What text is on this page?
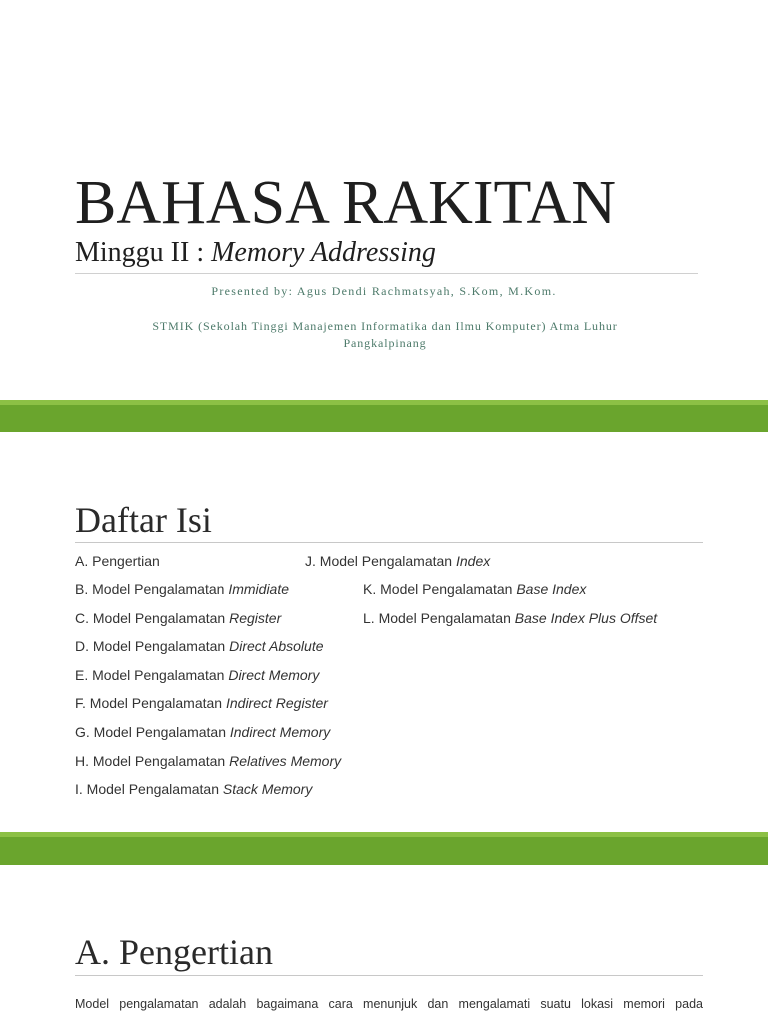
BAHASA RAKITAN
Minggu II : Memory Addressing
Presented by: Agus Dendi Rachmatsyah, S.Kom, M.Kom.
STMIK (Sekolah Tinggi Manajemen Informatika dan Ilmu Komputer) Atma Luhur
Pangkalpinang
Daftar Isi
A. Pengertian
B. Model Pengalamatan Immidiate
C. Model Pengalamatan Register
D. Model Pengalamatan Direct Absolute
E. Model Pengalamatan Direct Memory
F. Model Pengalamatan Indirect Register
G. Model Pengalamatan Indirect Memory
H. Model Pengalamatan Relatives Memory
I. Model Pengalamatan Stack Memory
J. Model Pengalamatan Index
K. Model Pengalamatan Base Index
L. Model Pengalamatan Base Index Plus Offset
A. Pengertian
Model pengalamatan adalah bagaimana cara menunjuk dan mengalamati suatu lokasi memori pada
